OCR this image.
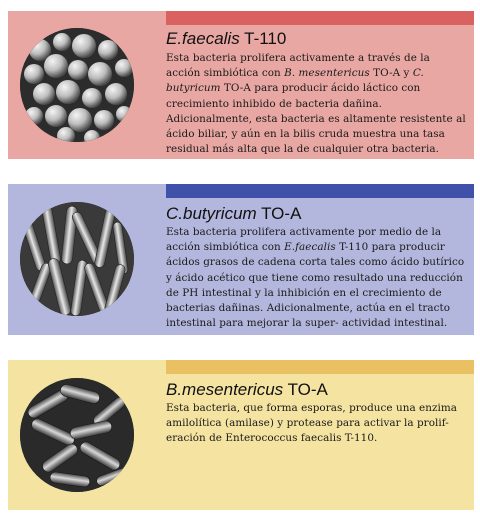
E.faecalis T-110
Esta bacteria prolifera activamente a través de la acción simbiótica con B. mesentericus TO-A y C. butyricum TO-A para producir ácido láctico con crecimiento inhibido de bacteria dañina. Adicionalmente, esta bacteria es altamente resistente al ácido biliar, y aún en la bilis cruda muestra una tasa residual más alta que la de cualquier otra bacteria.
C.butyricum TO-A
Esta bacteria prolifera activamente por medio de la acción simbiótica con E.faecalis T-110 para producir ácidos grasos de cadena corta tales como ácido butírico y ácido acético que tiene como resultado una reducción de PH intestinal y la inhibición en el crecimiento de bacterias dañinas. Adicionalmente, actúa en el tracto intestinal para mejorar la super- actividad intestinal.
B.mesentericus TO-A
Esta bacteria, que forma esporas, produce una enzima amilolítica (amilase) y protease para activar la prolif- eración de Enterococcus faecalis T-110.
